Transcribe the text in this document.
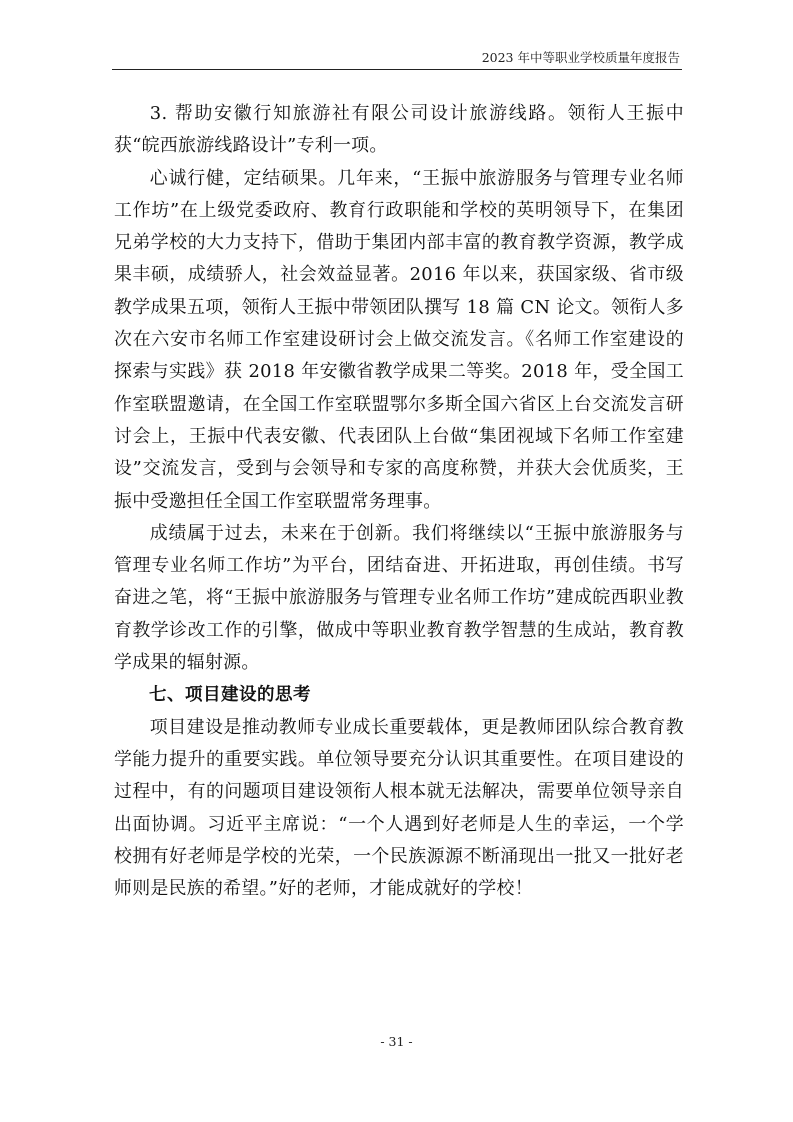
2023 年中等职业学校质量年度报告

3. 帮助安徽行知旅游社有限公司设计旅游线路。领衔人王振中获“皖西旅游线路设计”专利一项。

心诚行健，定结硕果。几年来，“王振中旅游服务与管理专业名师工作坊”在上级党委政府、教育行政职能和学校的英明领导下，在集团兄弟学校的大力支持下，借助于集团内部丰富的教育教学资源，教学成果丰硕，成绩骄人，社会效益显著。2016 年以来，获国家级、省市级教学成果五项，领衔人王振中带领团队撰写 18 篇 CN 论文。领衔人多次在六安市名师工作室建设研讨会上做交流发言。《名师工作室建设的探索与实践》获 2018 年安徽省教学成果二等奖。2018 年，受全国工作室联盟邀请，在全国工作室联盟鄂尔多斯全国六省区上台交流发言研讨会上，王振中代表安徽、代表团队上台做“集团视域下名师工作室建设”交流发言，受到与会领导和专家的高度称赞，并获大会优质奖，王振中受邀担任全国工作室联盟常务理事。

成绩属于过去，未来在于创新。我们将继续以“王振中旅游服务与管理专业名师工作坊”为平台，团结奋进、开拓进取，再创佳绩。书写奋进之笔，将“王振中旅游服务与管理专业名师工作坊”建成皖西职业教育教学诊改工作的引擎，做成中等职业教育教学智慧的生成站，教育教学成果的辐射源。

七、项目建设的思考

项目建设是推动教师专业成长重要载体，更是教师团队综合教育教学能力提升的重要实践。单位领导要充分认识其重要性。在项目建设的过程中，有的问题项目建设领衔人根本就无法解决，需要单位领导亲自出面协调。习近平主席说：“一个人遇到好老师是人生的幸运，一个学校拥有好老师是学校的光荣，一个民族源源不断涌现出一批又一批好老师则是民族的希望。”好的老师，才能成就好的学校！

- 31 -
